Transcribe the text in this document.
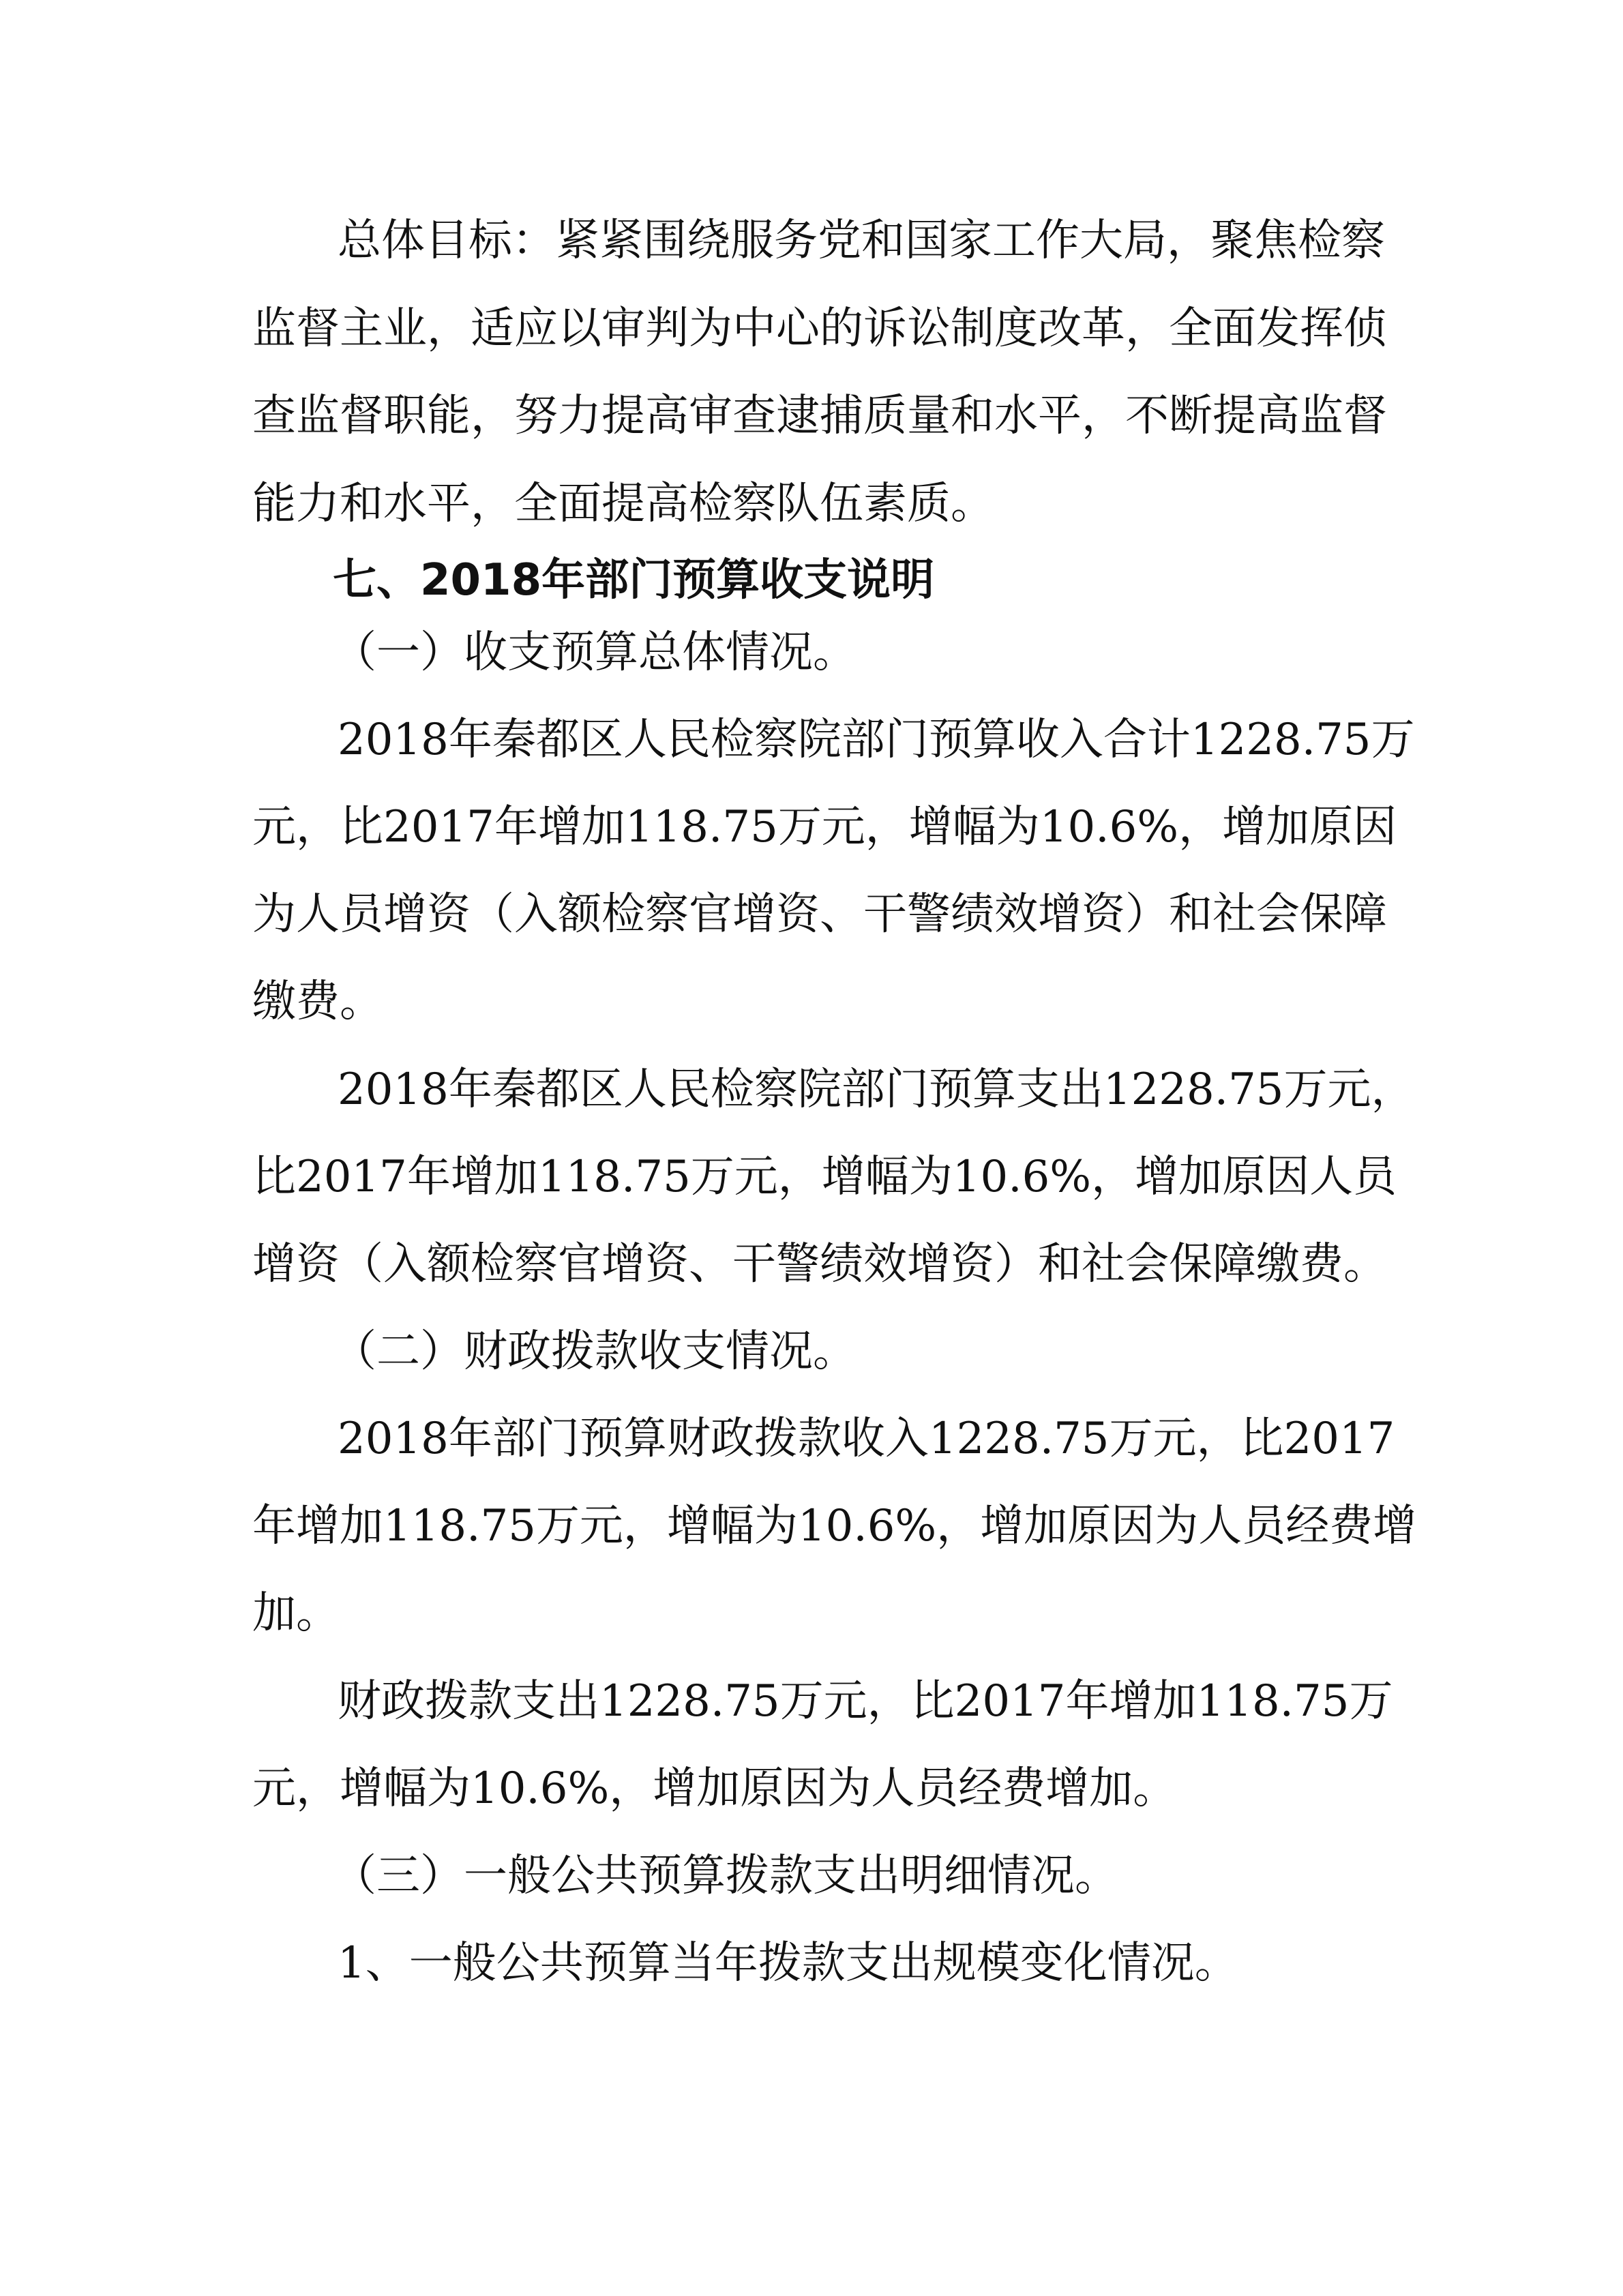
总体目标：紧紧围绕服务党和国家工作大局，聚焦检察
监督主业，适应以审判为中心的诉讼制度改革，全面发挥侦
查监督职能，努力提高审查逮捕质量和水平，不断提高监督
能力和水平，全面提高检察队伍素质。
七、2018年部门预算收支说明
（一）收支预算总体情况。
2018年秦都区人民检察院部门预算收入合计1228.75万
元，比2017年增加118.75万元，增幅为10.6%，增加原因
为人员增资（入额检察官增资、干警绩效增资）和社会保障
缴费。
2018年秦都区人民检察院部门预算支出1228.75万元，
比2017年增加118.75万元，增幅为10.6%，增加原因人员
增资（入额检察官增资、干警绩效增资）和社会保障缴费。
（二）财政拨款收支情况。
2018年部门预算财政拨款收入1228.75万元，比2017
年增加118.75万元，增幅为10.6%，增加原因为人员经费增
加。
财政拨款支出1228.75万元，比2017年增加118.75万
元，增幅为10.6%，增加原因为人员经费增加。
（三）一般公共预算拨款支出明细情况。
1、一般公共预算当年拨款支出规模变化情况。
